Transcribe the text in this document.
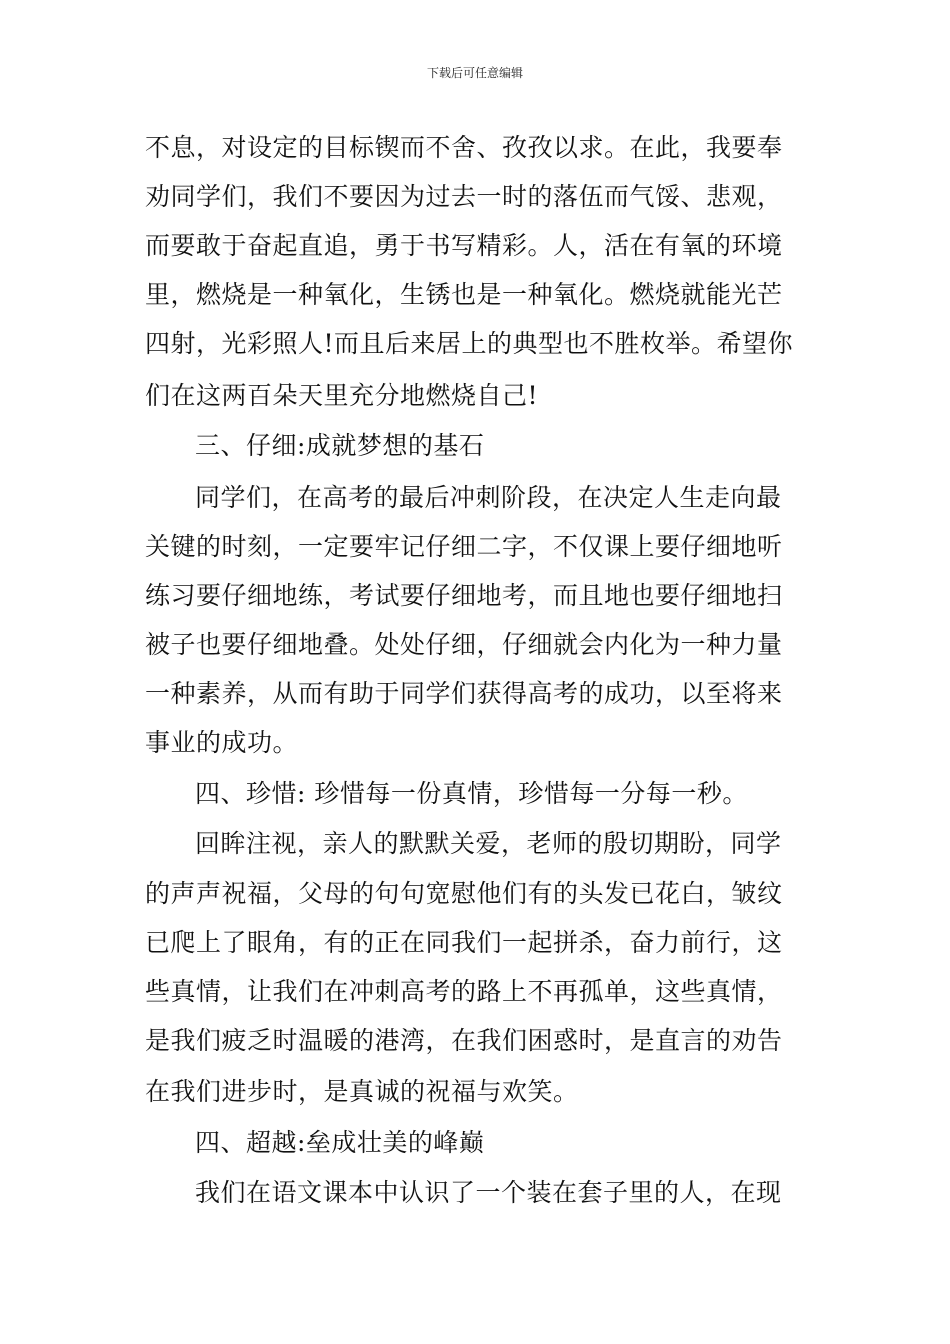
下载后可任意编辑
不息，对设定的目标锲而不舍、孜孜以求。在此，我要奉
劝同学们，我们不要因为过去一时的落伍而气馁、悲观，
而要敢于奋起直追，勇于书写精彩。人，活在有氧的环境
里，燃烧是一种氧化，生锈也是一种氧化。燃烧就能光芒
四射，光彩照人!而且后来居上的典型也不胜枚举。希望你
们在这两百朵天里充分地燃烧自己!
三、仔细:成就梦想的基石
同学们，在高考的最后冲刺阶段，在决定人生走向最
关键的时刻，一定要牢记仔细二字，不仅课上要仔细地听
练习要仔细地练，考试要仔细地考，而且地也要仔细地扫
被子也要仔细地叠。处处仔细，仔细就会内化为一种力量
一种素养，从而有助于同学们获得高考的成功，以至将来
事业的成功。
四、珍惜: 珍惜每一份真情，珍惜每一分每一秒。
回眸注视，亲人的默默关爱，老师的殷切期盼，同学
的声声祝福，父母的句句宽慰他们有的头发已花白，皱纹
已爬上了眼角，有的正在同我们一起拼杀，奋力前行，这
些真情，让我们在冲刺高考的路上不再孤单，这些真情，
是我们疲乏时温暖的港湾，在我们困惑时，是直言的劝告
在我们进步时，是真诚的祝福与欢笑。
四、超越:垒成壮美的峰巅
我们在语文课本中认识了一个装在套子里的人，在现
